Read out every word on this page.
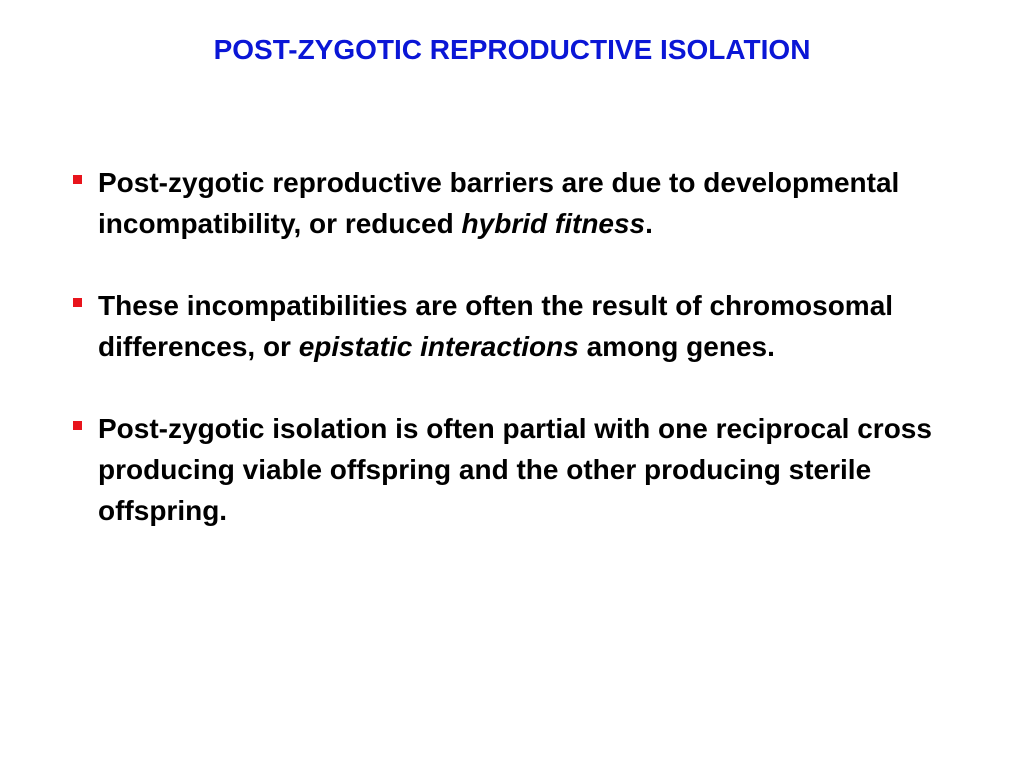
POST-ZYGOTIC REPRODUCTIVE ISOLATION
Post-zygotic reproductive barriers are due to developmental incompatibility, or reduced hybrid fitness.
These incompatibilities are often the result of chromosomal differences, or epistatic interactions among genes.
Post-zygotic isolation is often partial with one reciprocal cross producing viable offspring and the other producing sterile offspring.
